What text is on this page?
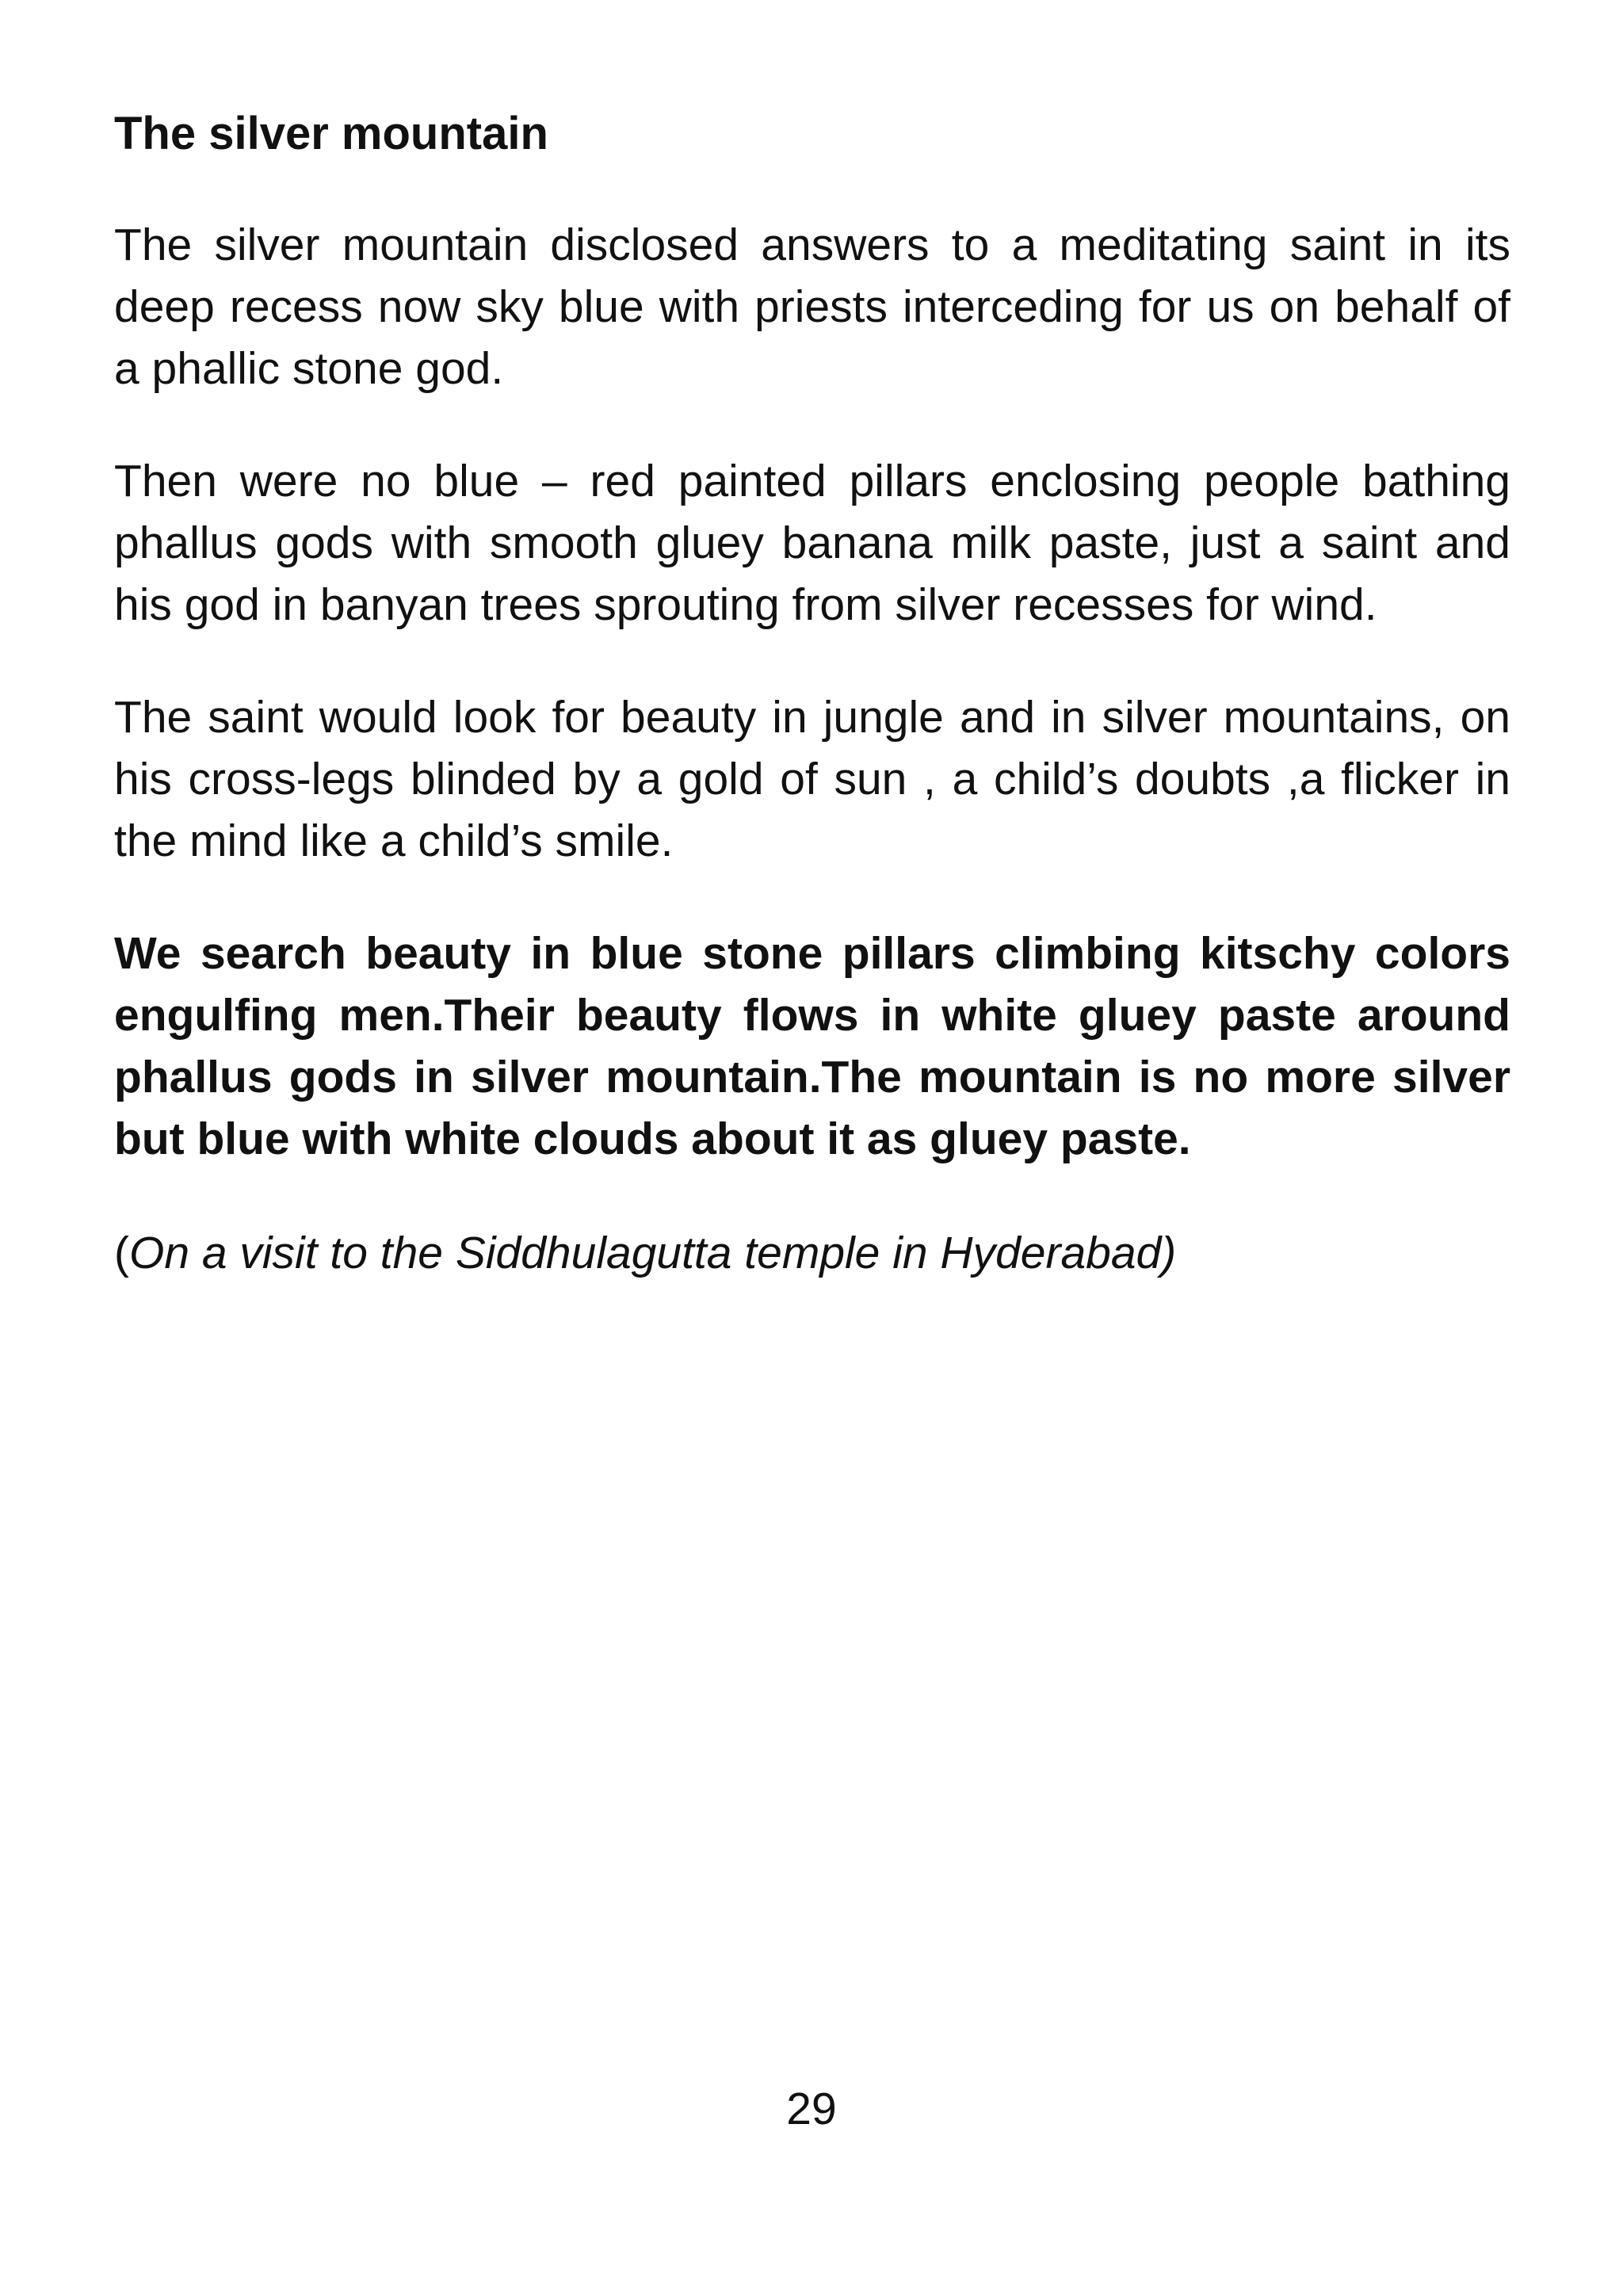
The silver mountain

The silver mountain disclosed answers to a meditating saint in its deep recess now sky blue with priests interceding for us on behalf of a phallic stone god.

Then were no blue – red painted pillars enclosing people bathing phallus gods with smooth gluey banana milk paste, just a saint and his god in banyan trees sprouting from silver recesses for wind.

The saint would look for beauty in jungle and in silver mountains, on his cross-legs blinded by a gold of sun , a child’s doubts ,a flicker in the mind like a child’s smile.

We search beauty in blue stone pillars climbing kitschy colors engulfing men.Their beauty flows in white gluey paste around phallus gods in silver mountain.The mountain is no more silver but blue with white clouds about it as gluey paste.

(On a visit to the Siddhulagutta temple in Hyderabad)

29
